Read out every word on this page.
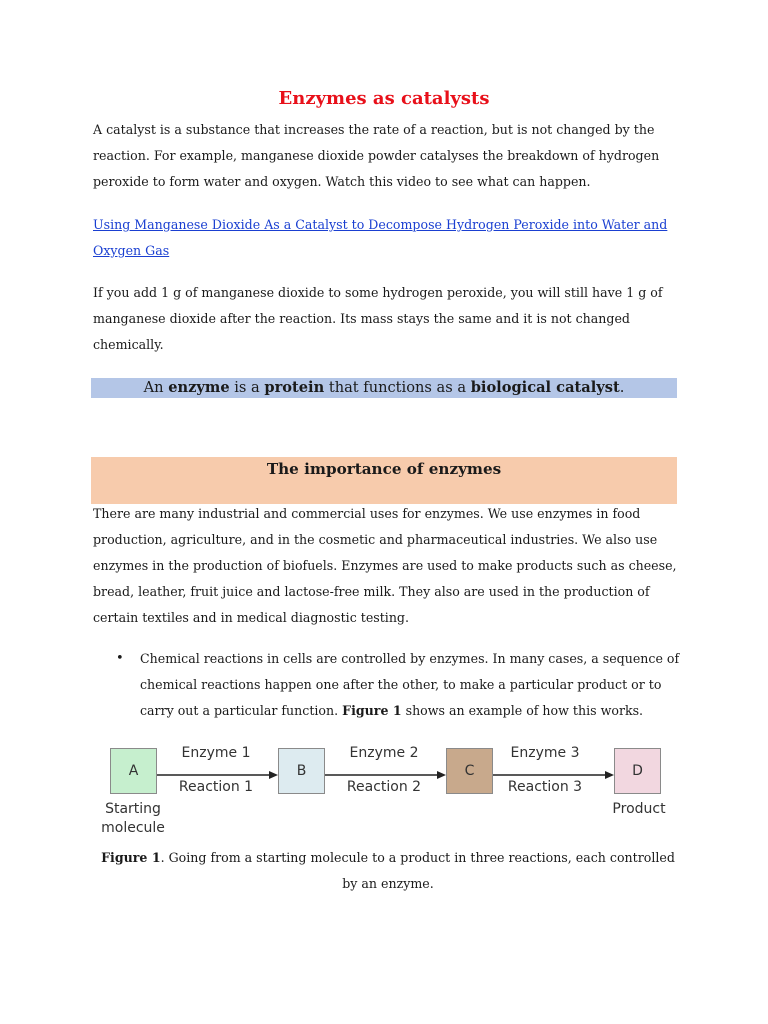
Enzymes as catalysts

A catalyst is a substance that increases the rate of a reaction, but is not changed by the reaction. For example, manganese dioxide powder catalyses the breakdown of hydrogen peroxide to form water and oxygen. Watch this video to see what can happen.

Using Manganese Dioxide As a Catalyst to Decompose Hydrogen Peroxide into Water and Oxygen Gas

If you add 1 g of manganese dioxide to some hydrogen peroxide, you will still have 1 g of manganese dioxide after the reaction. Its mass stays the same and it is not changed chemically.

An enzyme is a protein that functions as a biological catalyst.
The importance of enzymes

There are many industrial and commercial uses for enzymes. We use enzymes in food production, agriculture, and in the cosmetic and pharmaceutical industries. We also use enzymes in the production of biofuels. Enzymes are used to make products such as cheese, bread, leather, fruit juice and lactose-free milk. They also are used in the production of certain textiles and in medical diagnostic testing.

• Chemical reactions in cells are controlled by enzymes. In many cases, a sequence of chemical reactions happen one after the other, to make a particular product or to carry out a particular function. Figure 1 shows an example of how this works.

A	B	C	D
Enzyme 1	Enzyme 2	Enzyme 3
Reaction 1	Reaction 2	Reaction 3
Starting
molecule
Product

Figure 1. Going from a starting molecule to a product in three reactions, each controlled by an enzyme.
